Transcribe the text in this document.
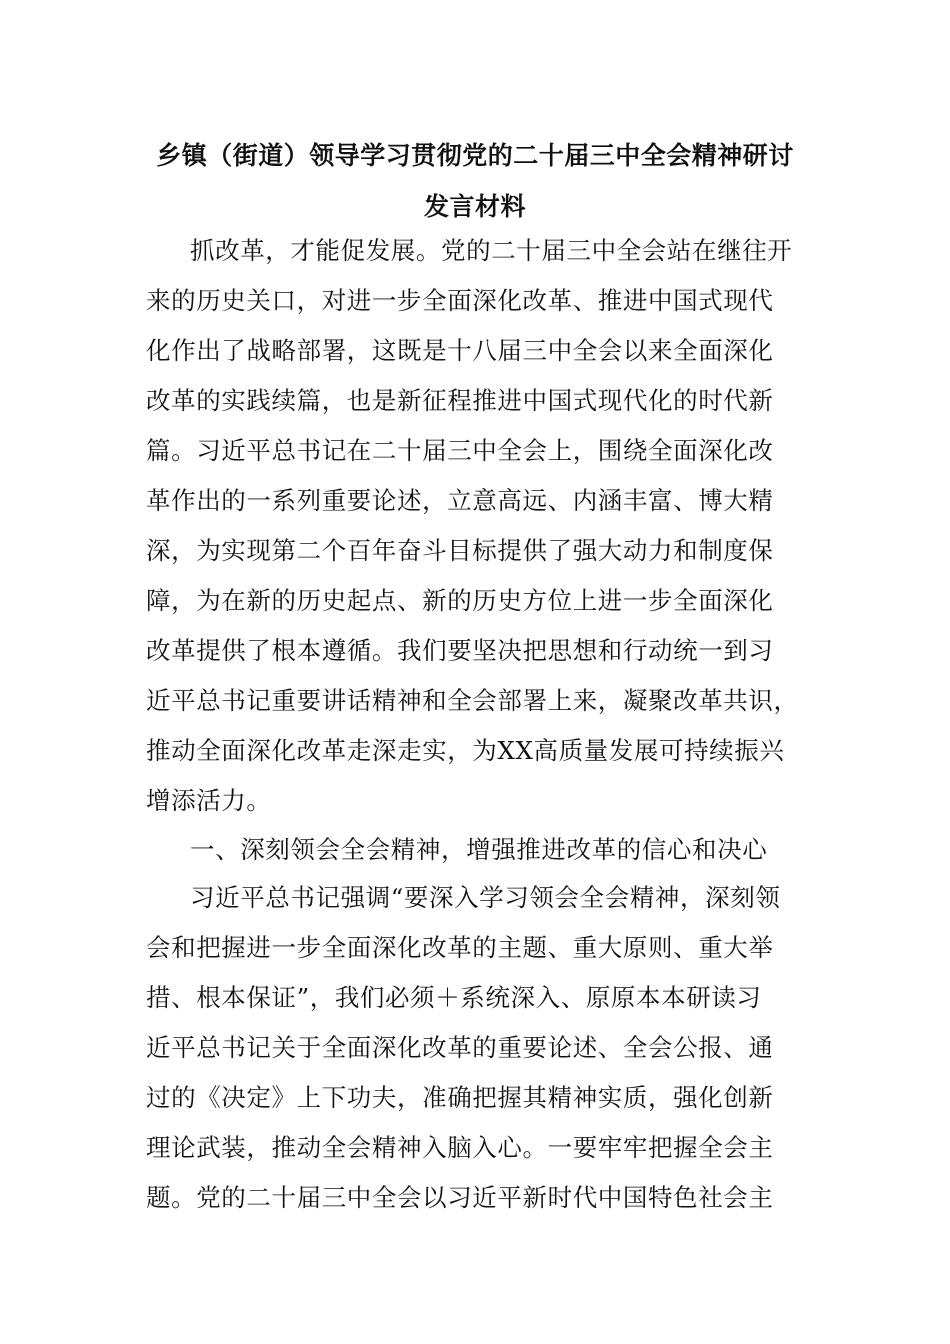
乡镇（街道）领导学习贯彻党的二十届三中全会精神研讨
发言材料
抓改革，才能促发展。党的二十届三中全会站在继往开
来的历史关口，对进一步全面深化改革、推进中国式现代
化作出了战略部署，这既是十八届三中全会以来全面深化
改革的实践续篇，也是新征程推进中国式现代化的时代新
篇。习近平总书记在二十届三中全会上，围绕全面深化改
革作出的一系列重要论述，立意高远、内涵丰富、博大精
深，为实现第二个百年奋斗目标提供了强大动力和制度保
障，为在新的历史起点、新的历史方位上进一步全面深化
改革提供了根本遵循。我们要坚决把思想和行动统一到习
近平总书记重要讲话精神和全会部署上来，凝聚改革共识，
推动全面深化改革走深走实，为XX高质量发展可持续振兴
增添活力。
一、深刻领会全会精神，增强推进改革的信心和决心
习近平总书记强调“要深入学习领会全会精神，深刻领
会和把握进一步全面深化改革的主题、重大原则、重大举
措、根本保证”，我们必须＋系统深入、原原本本研读习
近平总书记关于全面深化改革的重要论述、全会公报、通
过的《决定》上下功夫，准确把握其精神实质，强化创新
理论武装，推动全会精神入脑入心。一要牢牢把握全会主
题。党的二十届三中全会以习近平新时代中国特色社会主
